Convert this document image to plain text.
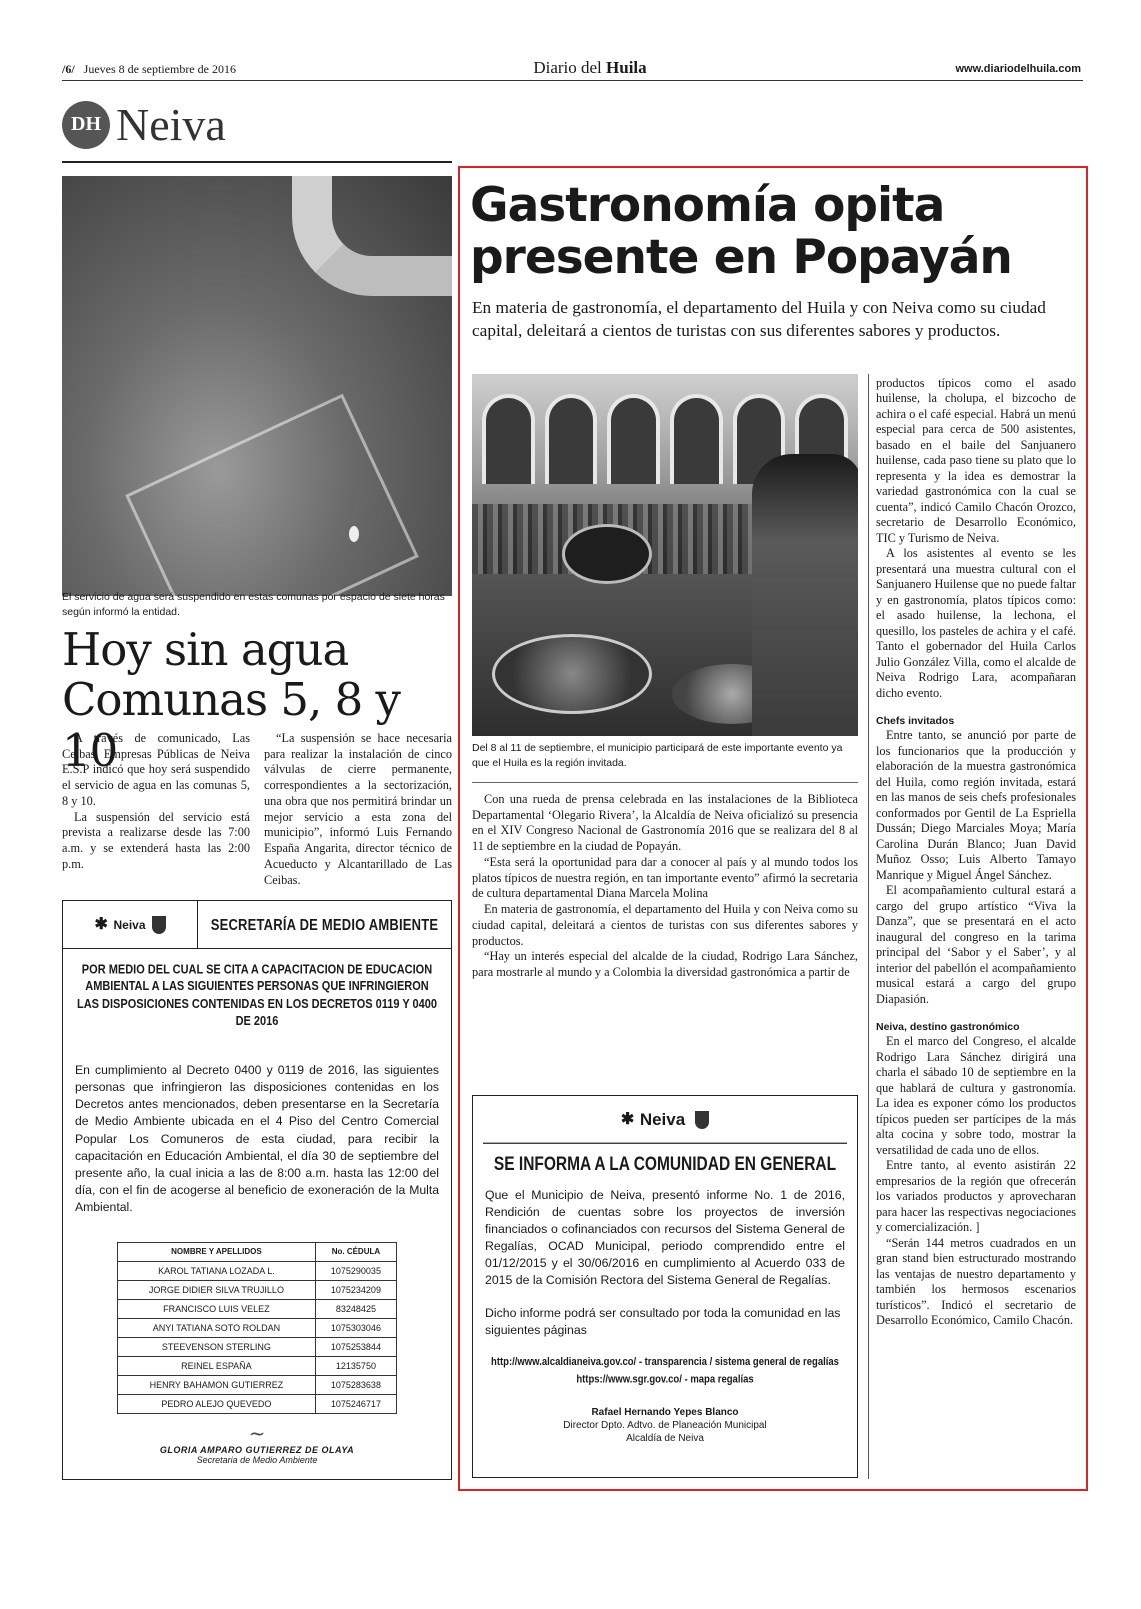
/6/ Jueves 8 de septiembre de 2016	Diario del Huila	www.diariodelhuila.com
DH Neiva
El servicio de agua será suspendido en estas comunas por espacio de siete horas según informó la entidad.
Hoy sin agua
Comunas 5, 8 y 10

A través de comunicado, Las Ceibas, Empresas Públicas de Neiva E.S.P indicó que hoy será suspendido el servicio de agua en las comunas 5, 8 y 10.

La suspensión del servicio está prevista a realizarse desde las 7:00 a.m. y se extenderá hasta las 2:00 p.m.

“La suspensión se hace necesaria para realizar la instalación de cinco válvulas de cierre permanente, correspondientes a la sectorización, una obra que nos permitirá brindar un mejor servicio a esta zona del municipio”, informó Luis Fernando España Angarita, director técnico de Acueducto y Alcantarillado de Las Ceibas.

✱
Neiva	SECRETARÍA DE MEDIO AMBIENTE
POR MEDIO DEL CUAL SE CITA A CAPACITACION DE EDUCACION AMBIENTAL A LAS SIGUIENTES PERSONAS QUE INFRINGIERON LAS DISPOSICIONES CONTENIDAS EN LOS DECRETOS 0119 Y 0400 DE 2016
En cumplimiento al Decreto 0400 y 0119 de 2016, las siguientes personas que infringieron las disposiciones contenidas en los Decretos antes mencionados, deben presentarse en la Secretaría de Medio Ambiente ubicada en el 4 Piso del Centro Comercial Popular Los Comuneros de esta ciudad, para recibir la capacitación en Educación Ambiental, el día 30 de septiembre del presente año, la cual inicia a las de 8:00 a.m. hasta las 12:00 del día, con el fin de acogerse al beneficio de exoneración de la Multa Ambiental.
NOMBRE Y APELLIDOS	No. CÉDULA
KAROL TATIANA LOZADA L.	1075290035
JORGE DIDIER SILVA TRUJILLO	1075234209
FRANCISCO LUIS VELEZ	83248425
ANYI TATIANA SOTO ROLDAN	1075303046
STEEVENSON STERLING	1075253844
REINEL ESPAÑA	12135750
HENRY BAHAMON GUTIERREZ	1075283638
PEDRO ALEJO QUEVEDO	1075246717
~
GLORIA AMPARO GUTIERREZ DE OLAYA
Secretaria de Medio Ambiente
Gastronomía opita
presente en Popayán
En materia de gastronomía, el departamento del Huila y con Neiva como su ciudad capital, deleitará a cientos de turistas con sus diferentes sabores y productos.
Del 8 al 11 de septiembre, el municipio participará de este importante evento ya que el Huila es la región invitada.

Con una rueda de prensa celebrada en las instalaciones de la Biblioteca Departamental ‘Olegario Rivera’, la Alcaldía de Neiva oficializó su presencia en el XIV Congreso Nacional de Gastronomía 2016 que se realizara del 8 al 11 de septiembre en la ciudad de Popayán.

“Esta será la oportunidad para dar a conocer al país y al mundo todos los platos típicos de nuestra región, en tan importante evento” afirmó la secretaria de cultura departamental Diana Marcela Molina

En materia de gastronomía, el departamento del Huila y con Neiva como su ciudad capital, deleitará a cientos de turistas con sus diferentes sabores y productos.

“Hay un interés especial del alcalde de la ciudad, Rodrigo Lara Sánchez, para mostrarle al mundo y a Colombia la diversidad gastronómica a partir de

productos típicos como el asado huilense, la cholupa, el bizcocho de achira o el café especial. Habrá un menú especial para cerca de 500 asistentes, basado en el baile del Sanjuanero huilense, cada paso tiene su plato que lo representa y la idea es demostrar la variedad gastronómica con la cual se cuenta”, indicó Camilo Chacón Orozco, secretario de Desarrollo Económico, TIC y Turismo de Neiva.

A los asistentes al evento se les presentará una muestra cultural con el Sanjuanero Huilense que no puede faltar y en gastronomía, platos típicos como: el asado huilense, la lechona, el quesillo, los pasteles de achira y el café. Tanto el gobernador del Huila Carlos Julio González Villa, como el alcalde de Neiva Rodrigo Lara, acompañaran dicho evento.

Chefs invitados

Entre tanto, se anunció por parte de los funcionarios que la producción y elaboración de la muestra gastronómica del Huila, como región invitada, estará en las manos de seis chefs profesionales conformados por Gentil de La Espriella Dussán; Diego Marciales Moya; María Carolina Durán Blanco; Juan David Muñoz Osso; Luis Alberto Tamayo Manrique y Miguel Ángel Sánchez.

El acompañamiento cultural estará a cargo del grupo artístico “Viva la Danza”, que se presentará en el acto inaugural del congreso en la tarima principal del ‘Sabor y el Saber’, y al interior del pabellón el acompañamiento musical estará a cargo del grupo Diapasión.

Neiva, destino gastronómico

En el marco del Congreso, el alcalde Rodrigo Lara Sánchez dirigirá una charla el sábado 10 de septiembre en la que hablará de cultura y gastronomía. La idea es exponer cómo los productos típicos pueden ser partícipes de la más alta cocina y sobre todo, mostrar la versatilidad de cada uno de ellos.

Entre tanto, al evento asistirán 22 empresarios de la región que ofrecerán los variados productos y aprovecharan para hacer las respectivas negociaciones y comercialización. ]

“Serán 144 metros cuadrados en un gran stand bien estructurado mostrando las ventajas de nuestro departamento y también los hermosos escenarios turísticos”. Indicó el secretario de Desarrollo Económico, Camilo Chacón.

✱
Neiva
SE INFORMA A LA COMUNIDAD EN GENERAL
Que el Municipio de Neiva, presentó informe No. 1 de 2016, Rendición de cuentas sobre los proyectos de inversión financiados o cofinanciados con recursos del Sistema General de Regalías, OCAD Municipal, periodo comprendido entre el 01/12/2015 y el 30/06/2016 en cumplimiento al Acuerdo 033 de 2015 de la Comisión Rectora del Sistema General de Regalías.
Dicho informe podrá ser consultado por toda la comunidad en las siguientes páginas
http://www.alcaldianeiva.gov.co/ - transparencia / sistema general de regalías
https://www.sgr.gov.co/ - mapa regalías
Rafael Hernando Yepes Blanco
Director Dpto. Adtvo. de Planeación Municipal
Alcaldía de Neiva
